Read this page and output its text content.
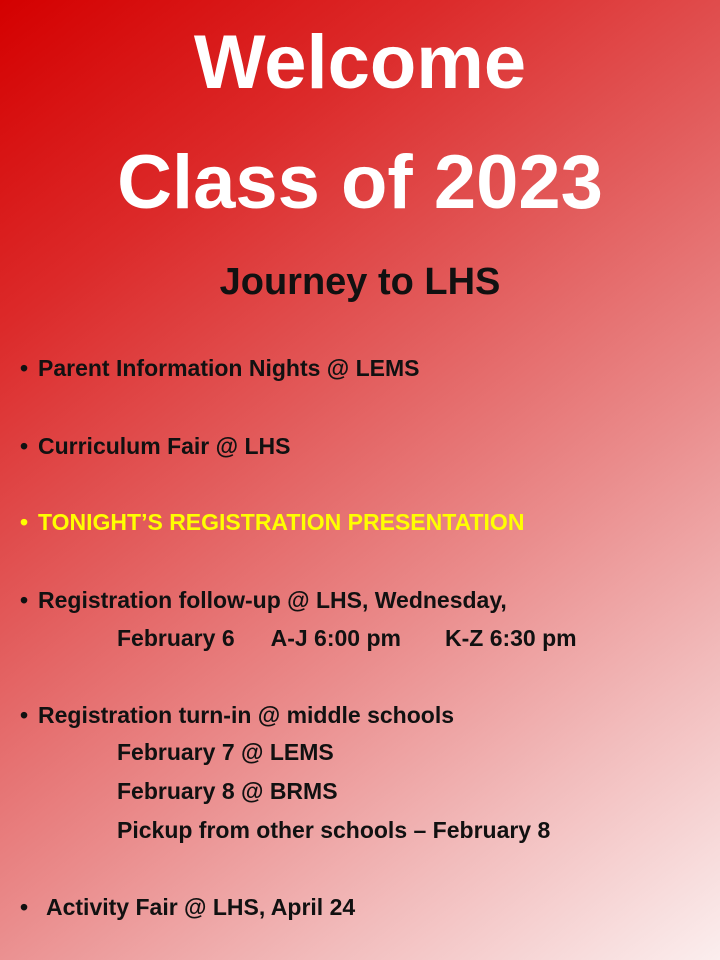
Welcome
Class of 2023
Journey to LHS
• Parent Information Nights @ LEMS
• Curriculum Fair @ LHS
• TONIGHT’S REGISTRATION PRESENTATION
• Registration follow-up @ LHS, Wednesday,
February 6 A-J 6:00 pm K-Z 6:30 pm
• Registration turn-in @ middle schools
February 7 @ LEMS
February 8 @ BRMS
Pickup from other schools – February 8
• Activity Fair @ LHS, April 24
